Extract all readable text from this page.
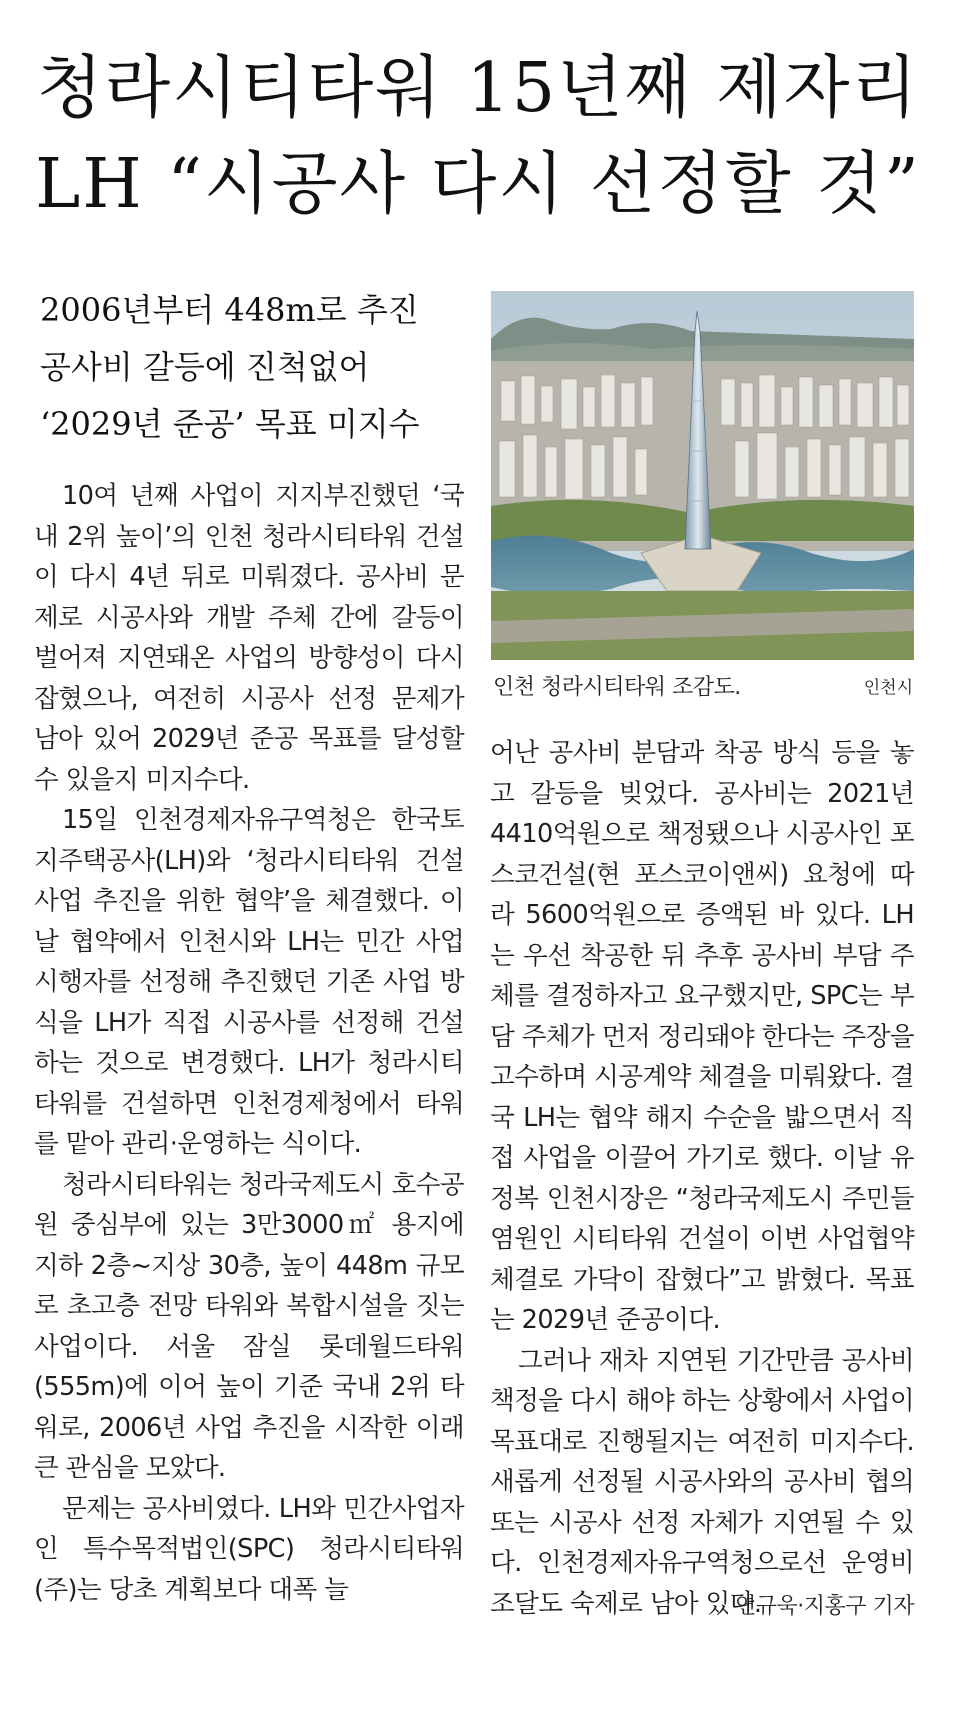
청라시티타워 15년째 제자리
LH “시공사 다시 선정할 것”
2006년부터 448m로 추진
공사비 갈등에 진척없어
‘2029년 준공’ 목표 미지수
인천 청라시티타워 조감도.	인천시

10여 년째 사업이 지지부진했던 ‘국내 2위 높이’의 인천 청라시티타워 건설이 다시 4년 뒤로 미뤄졌다. 공사비 문제로 시공사와 개발 주체 간에 갈등이 벌어져 지연돼온 사업의 방향성이 다시 잡혔으나, 여전히 시공사 선정 문제가 남아 있어 2029년 준공 목표를 달성할 수 있을지 미지수다.

15일 인천경제자유구역청은 한국토지주택공사(LH)와 ‘청라시티타워 건설 사업 추진을 위한 협약’을 체결했다. 이날 협약에서 인천시와 LH는 민간 사업 시행자를 선정해 추진했던 기존 사업 방식을 LH가 직접 시공사를 선정해 건설하는 것으로 변경했다. LH가 청라시티타워를 건설하면 인천경제청에서 타워를 맡아 관리·운영하는 식이다.

청라시티타워는 청라국제도시 호수공원 중심부에 있는 3만3000㎡ 용지에 지하 2층~지상 30층, 높이 448m 규모로 초고층 전망 타워와 복합시설을 짓는 사업이다. 서울 잠실 롯데월드타워(555m)에 이어 높이 기준 국내 2위 타워로, 2006년 사업 추진을 시작한 이래 큰 관심을 모았다.

문제는 공사비였다. LH와 민간사업자인 특수목적법인(SPC) 청라시티타워(주)는 당초 계획보다 대폭 늘

어난 공사비 분담과 착공 방식 등을 놓고 갈등을 빚었다. 공사비는 2021년 4410억원으로 책정됐으나 시공사인 포스코건설(현 포스코이앤씨) 요청에 따라 5600억원으로 증액된 바 있다. LH는 우선 착공한 뒤 추후 공사비 부담 주체를 결정하자고 요구했지만, SPC는 부담 주체가 먼저 정리돼야 한다는 주장을 고수하며 시공계약 체결을 미뤄왔다. 결국 LH는 협약 해지 수순을 밟으면서 직접 사업을 이끌어 가기로 했다. 이날 유정복 인천시장은 “청라국제도시 주민들 염원인 시티타워 건설이 이번 사업협약 체결로 가닥이 잡혔다”고 밝혔다. 목표는 2029년 준공이다.

그러나 재차 지연된 기간만큼 공사비 책정을 다시 해야 하는 상황에서 사업이 목표대로 진행될지는 여전히 미지수다. 새롭게 선정될 시공사와의 공사비 협의 또는 시공사 선정 자체가 지연될 수 있다. 인천경제자유구역청으로선 운영비 조달도 숙제로 남아 있다.

연규욱·지홍구 기자
